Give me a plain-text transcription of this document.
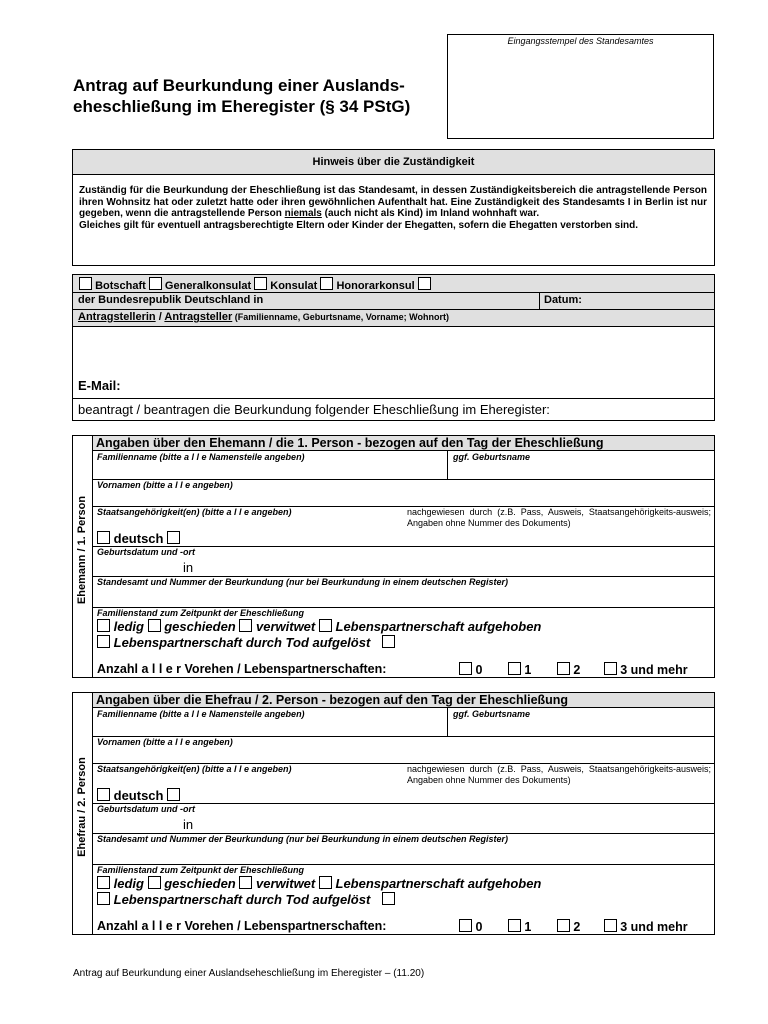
Eingangsstempel des Standesamtes
Antrag auf Beurkundung einer Auslands-
eheschließung im Eheregister (§ 34 PStG)
Hinweis über die Zuständigkeit
Zuständig für die Beurkundung der Eheschließung ist das Standesamt, in dessen Zuständigkeitsbereich die antragstellende Person ihren Wohnsitz hat oder zuletzt hatte oder ihren gewöhnlichen Aufenthalt hat. Eine Zuständigkeit des Standesamts I in Berlin ist nur gegeben, wenn die antragstellende Person niemals (auch nicht als Kind) im Inland wohnhaft war.
Gleiches gilt für eventuell antragsberechtigte Eltern oder Kinder der Ehegatten, sofern die Ehegatten verstorben sind.
Botschaft Generalkonsulat Konsulat Honorarkonsul
der Bundesrepublik Deutschland in	Datum:
Antragstellerin / Antragsteller (Familienname, Geburtsname, Vorname; Wohnort)
E-Mail:
beantragt / beantragen die Beurkundung folgender Eheschließung im Eheregister:
Ehemann / 1. Person
Angaben über den Ehemann / die 1. Person - bezogen auf den Tag der Eheschließung
Familienname (bitte a l l e Namensteile angeben)	ggf. Geburtsname
Vornamen (bitte a l l e angeben)
Staatsangehörigkeit(en) (bitte a l l e angeben)	nachgewiesen durch (z.B. Pass, Ausweis, Staatsangehörigkeits-ausweis; Angaben ohne Nummer des Dokuments)
deutsch
Geburtsdatum und -ort
in
Standesamt und Nummer der Beurkundung (nur bei Beurkundung in einem deutschen Register)
Familienstand zum Zeitpunkt der Eheschließung
ledig geschieden verwitwet Lebenspartnerschaft aufgehoben
Lebenspartnerschaft durch Tod aufgelöst
Anzahl a l l e r Vorehen / Lebenspartnerschaften:	0	1	2	3 und mehr
Ehefrau / 2. Person
Angaben über die Ehefrau / 2. Person - bezogen auf den Tag der Eheschließung
Familienname (bitte a l l e Namensteile angeben)	ggf. Geburtsname
Vornamen (bitte a l l e angeben)
Staatsangehörigkeit(en) (bitte a l l e angeben)	nachgewiesen durch (z.B. Pass, Ausweis, Staatsangehörigkeits-ausweis; Angaben ohne Nummer des Dokuments)
deutsch
Geburtsdatum und -ort
in
Standesamt und Nummer der Beurkundung (nur bei Beurkundung in einem deutschen Register)
Familienstand zum Zeitpunkt der Eheschließung
ledig geschieden verwitwet Lebenspartnerschaft aufgehoben
Lebenspartnerschaft durch Tod aufgelöst
Anzahl a l l e r Vorehen / Lebenspartnerschaften:	0	1	2	3 und mehr
Antrag auf Beurkundung einer Auslandseheschließung im Eheregister – (11.20)
